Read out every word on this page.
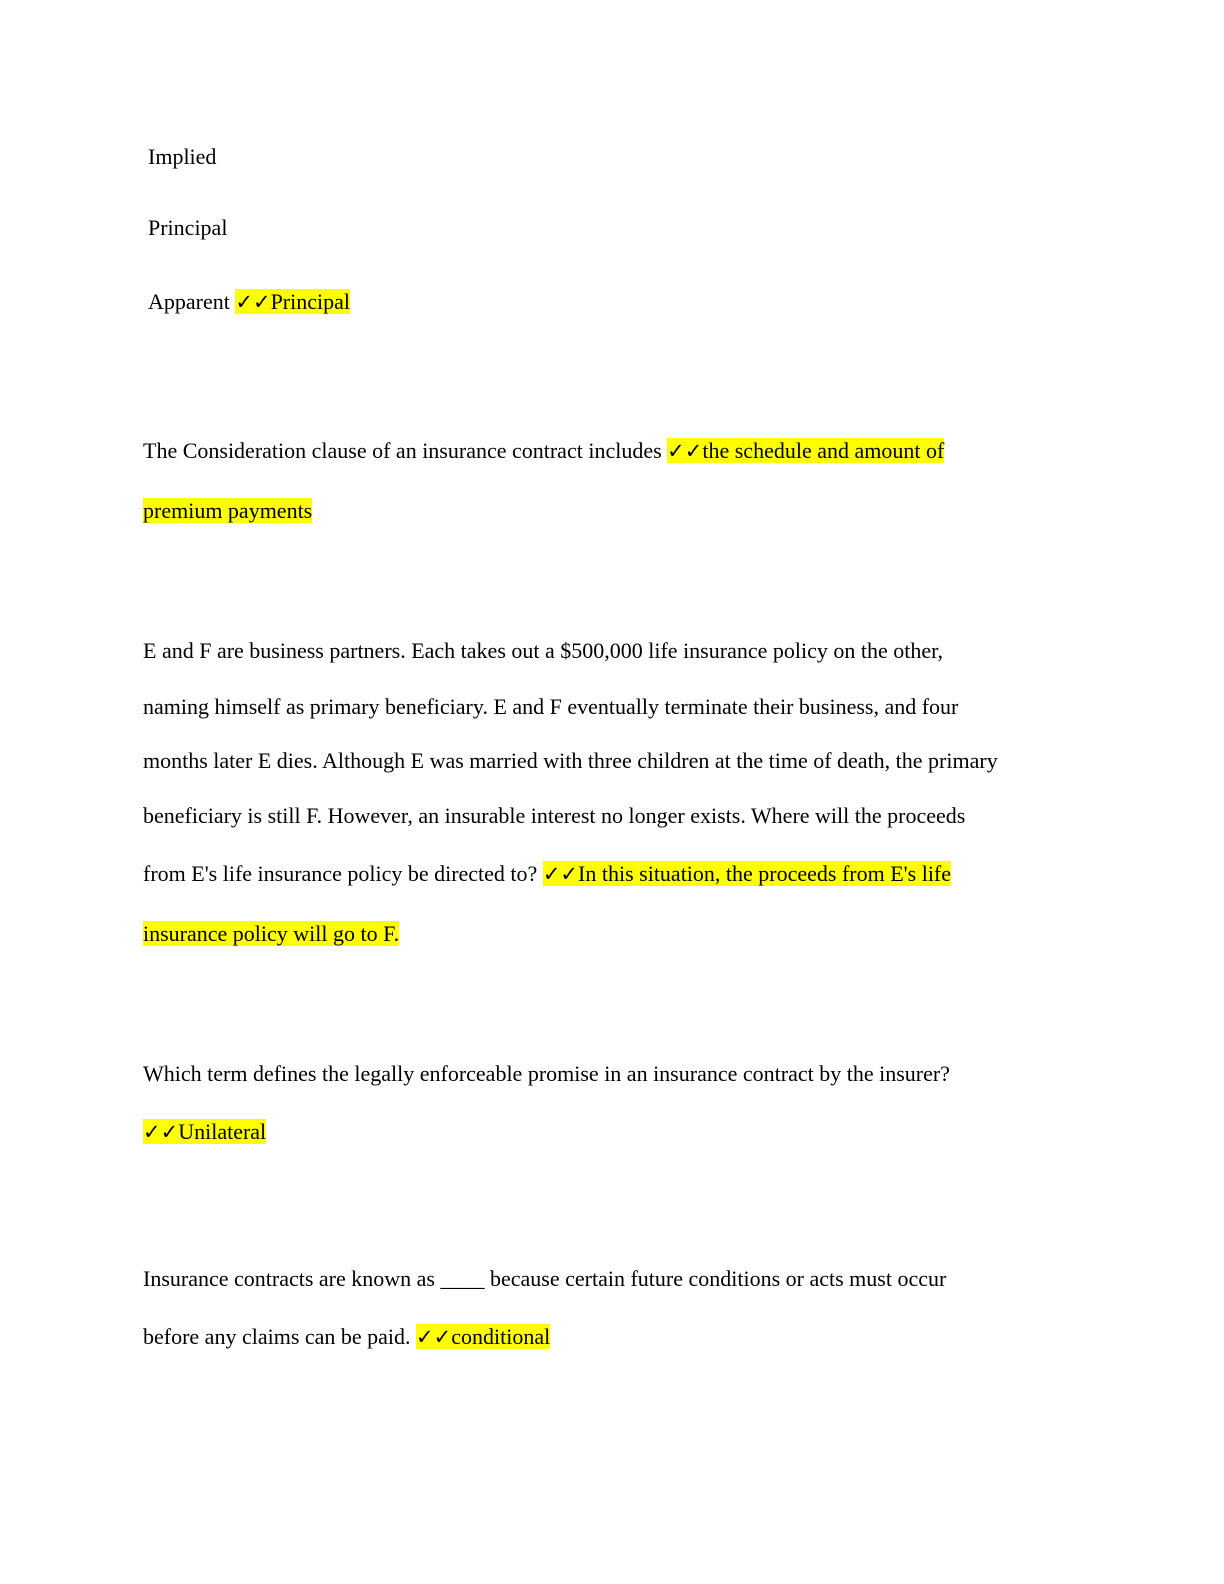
Implied
Principal
Apparent ✓✓Principal
The Consideration clause of an insurance contract includes ✓✓the schedule and amount of
premium payments
E and F are business partners. Each takes out a $500,000 life insurance policy on the other,
naming himself as primary beneficiary. E and F eventually terminate their business, and four
months later E dies. Although E was married with three children at the time of death, the primary
beneficiary is still F. However, an insurable interest no longer exists. Where will the proceeds
from E's life insurance policy be directed to? ✓✓In this situation, the proceeds from E's life
insurance policy will go to F.
Which term defines the legally enforceable promise in an insurance contract by the insurer?
✓✓Unilateral
Insurance contracts are known as ____ because certain future conditions or acts must occur
before any claims can be paid. ✓✓conditional
